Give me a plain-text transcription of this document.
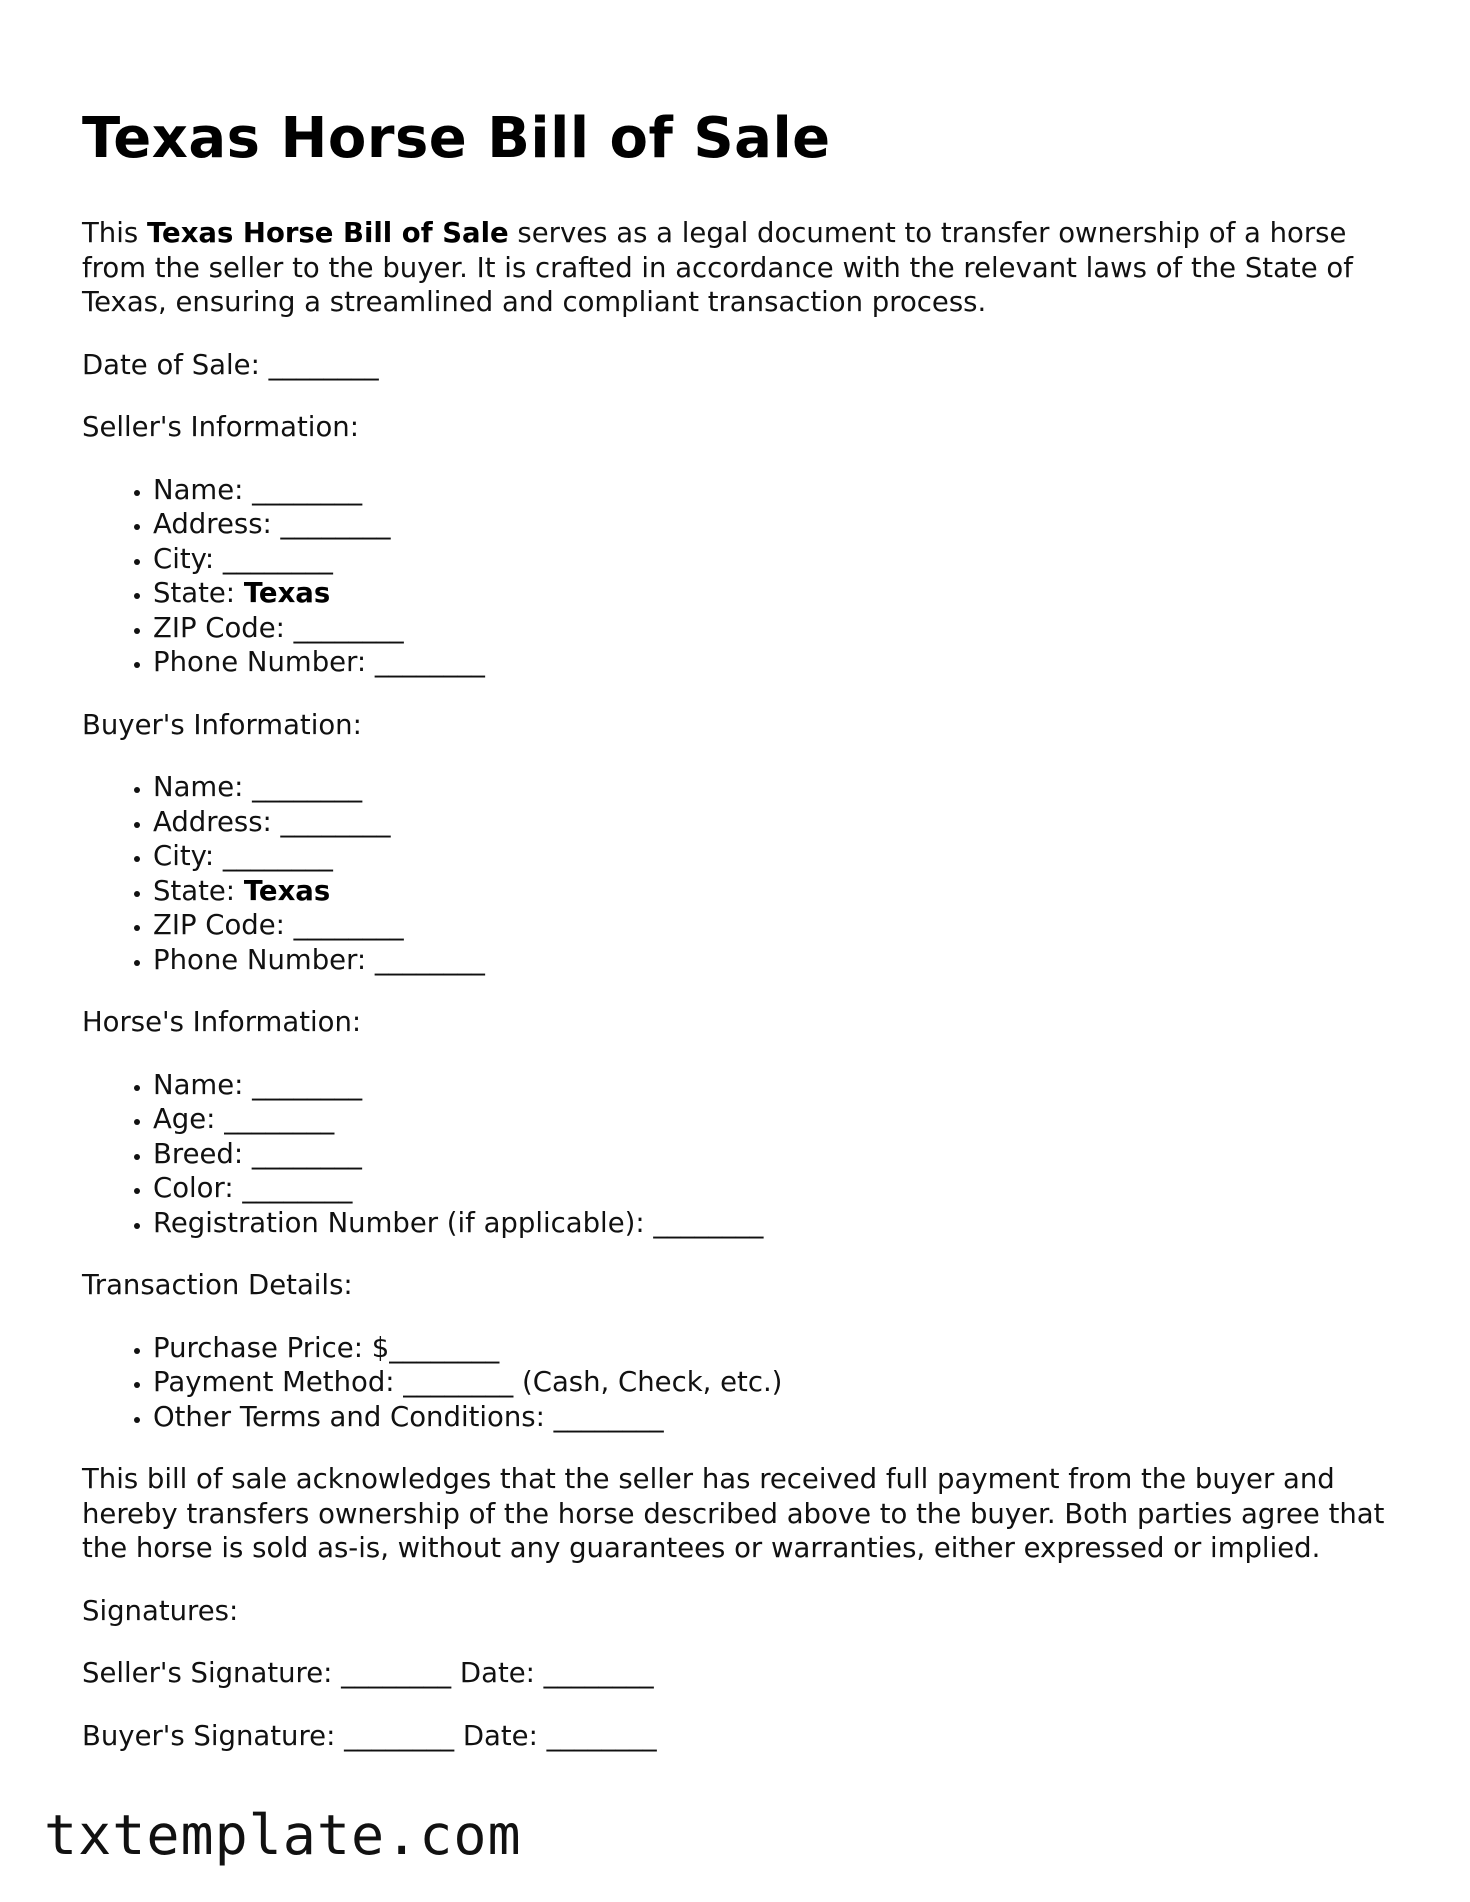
Texas Horse Bill of Sale

This Texas Horse Bill of Sale serves as a legal document to transfer ownership of a horse from the seller to the buyer. It is crafted in accordance with the relevant laws of the State of Texas, ensuring a streamlined and compliant transaction process.

Date of Sale: ________

Seller's Information:

• Name: ________
• Address: ________
• City: ________
• State: Texas
• ZIP Code: ________
• Phone Number: ________

Buyer's Information:

• Name: ________
• Address: ________
• City: ________
• State: Texas
• ZIP Code: ________
• Phone Number: ________

Horse's Information:

• Name: ________
• Age: ________
• Breed: ________
• Color: ________
• Registration Number (if applicable): ________

Transaction Details:

• Purchase Price: $________
• Payment Method: ________ (Cash, Check, etc.)
• Other Terms and Conditions: ________

This bill of sale acknowledges that the seller has received full payment from the buyer and hereby transfers ownership of the horse described above to the buyer. Both parties agree that the horse is sold as-is, without any guarantees or warranties, either expressed or implied.

Signatures:

Seller's Signature: ________ Date: ________

Buyer's Signature: ________ Date: ________

txtemplate.com
